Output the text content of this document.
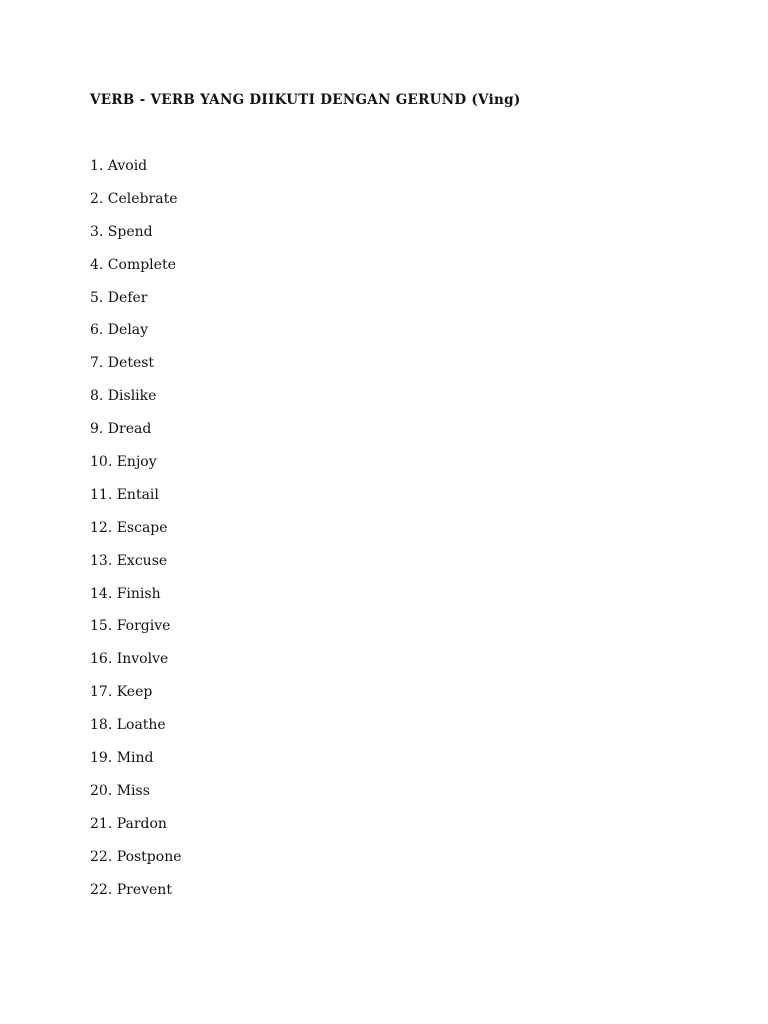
VERB - VERB YANG DIIKUTI DENGAN GERUND (Ving)
1. Avoid
2. Celebrate
3. Spend
4. Complete
5. Defer
6. Delay
7. Detest
8. Dislike
9. Dread
10. Enjoy
11. Entail
12. Escape
13. Excuse
14. Finish
15. Forgive
16. Involve
17. Keep
18. Loathe
19. Mind
20. Miss
21. Pardon
22. Postpone
22. Prevent
